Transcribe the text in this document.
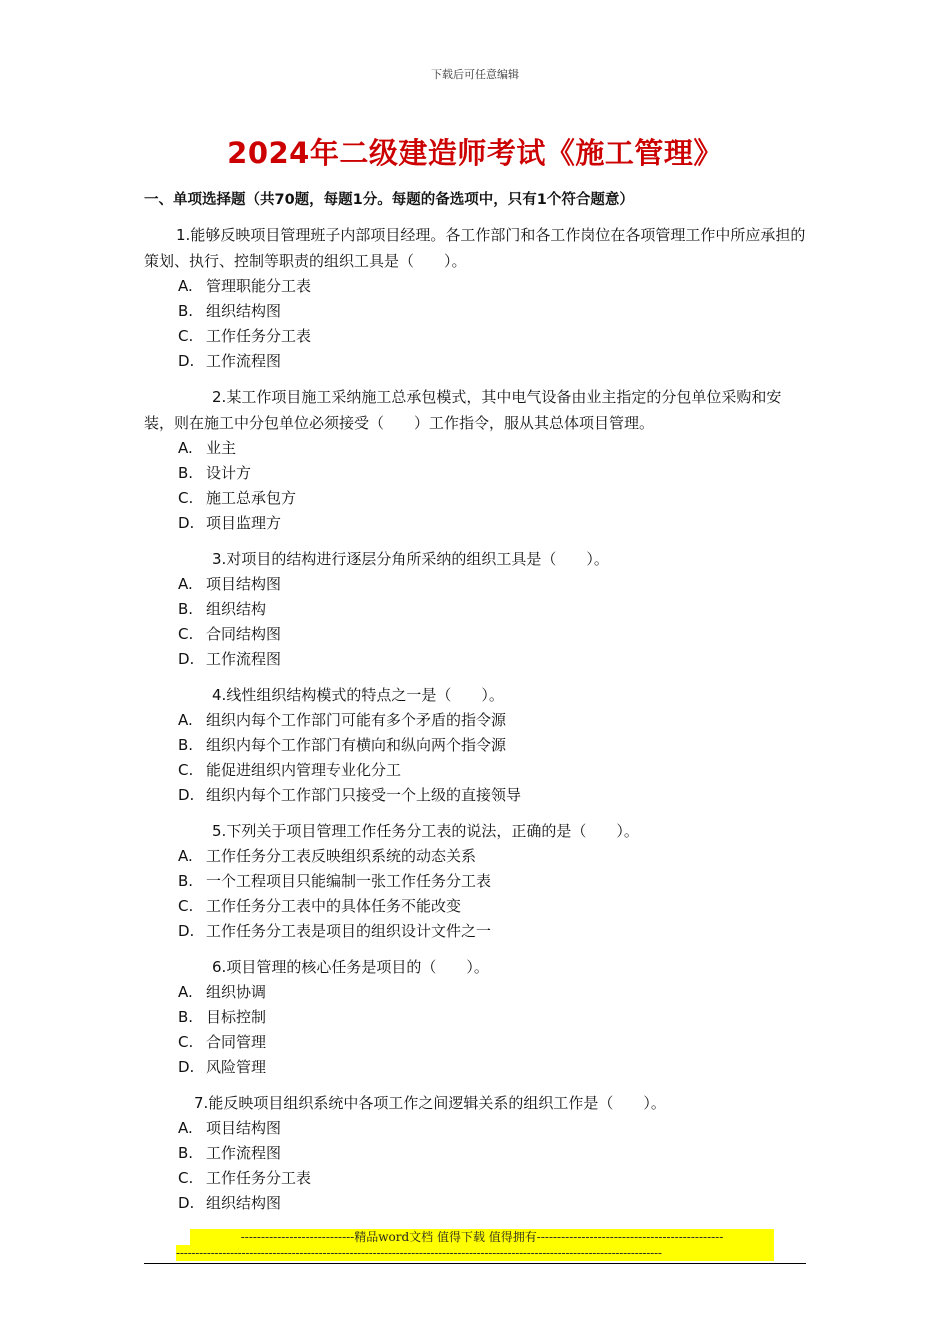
下载后可任意编辑
2024年二级建造师考试《施工管理》
一、单项选择题（共70题，每题1分。每题的备选项中，只有1个符合题意）

1.能够反映项目管理班子内部项目经理。各工作部门和各工作岗位在各项管理工作中所应承担的策划、执行、控制等职责的组织工具是（　　）。

A. 管理职能分工表

B. 组织结构图

C. 工作任务分工表

D. 工作流程图

2.某工作项目施工采纳施工总承包模式，其中电气设备由业主指定的分包单位采购和安装，则在施工中分包单位必须接受（　　）工作指令，服从其总体项目管理。

A. 业主

B. 设计方

C. 施工总承包方

D. 项目监理方

3.对项目的结构进行逐层分角所采纳的组织工具是（　　）。

A. 项目结构图

B. 组织结构

C. 合同结构图

D. 工作流程图

4.线性组织结构模式的特点之一是（　　）。

A. 组织内每个工作部门可能有多个矛盾的指令源

B. 组织内每个工作部门有横向和纵向两个指令源

C. 能促进组织内管理专业化分工

D. 组织内每个工作部门只接受一个上级的直接领导

5.下列关于项目管理工作任务分工表的说法，正确的是（　　）。

A. 工作任务分工表反映组织系统的动态关系

B. 一个工程项目只能编制一张工作任务分工表

C. 工作任务分工表中的具体任务不能改变

D. 工作任务分工表是项目的组织设计文件之一

6.项目管理的核心任务是项目的（　　）。

A. 组织协调

B. 目标控制

C. 合同管理

D. 风险管理

7.能反映项目组织系统中各项工作之间逻辑关系的组织工作是（　　）。

A. 项目结构图

B. 工作流程图

C. 工作任务分工表

D. 组织结构图

----------------------------精品word文档 值得下载 值得拥有----------------------------------------------
------------------------------------------------------------------------------------------------------------------------------
